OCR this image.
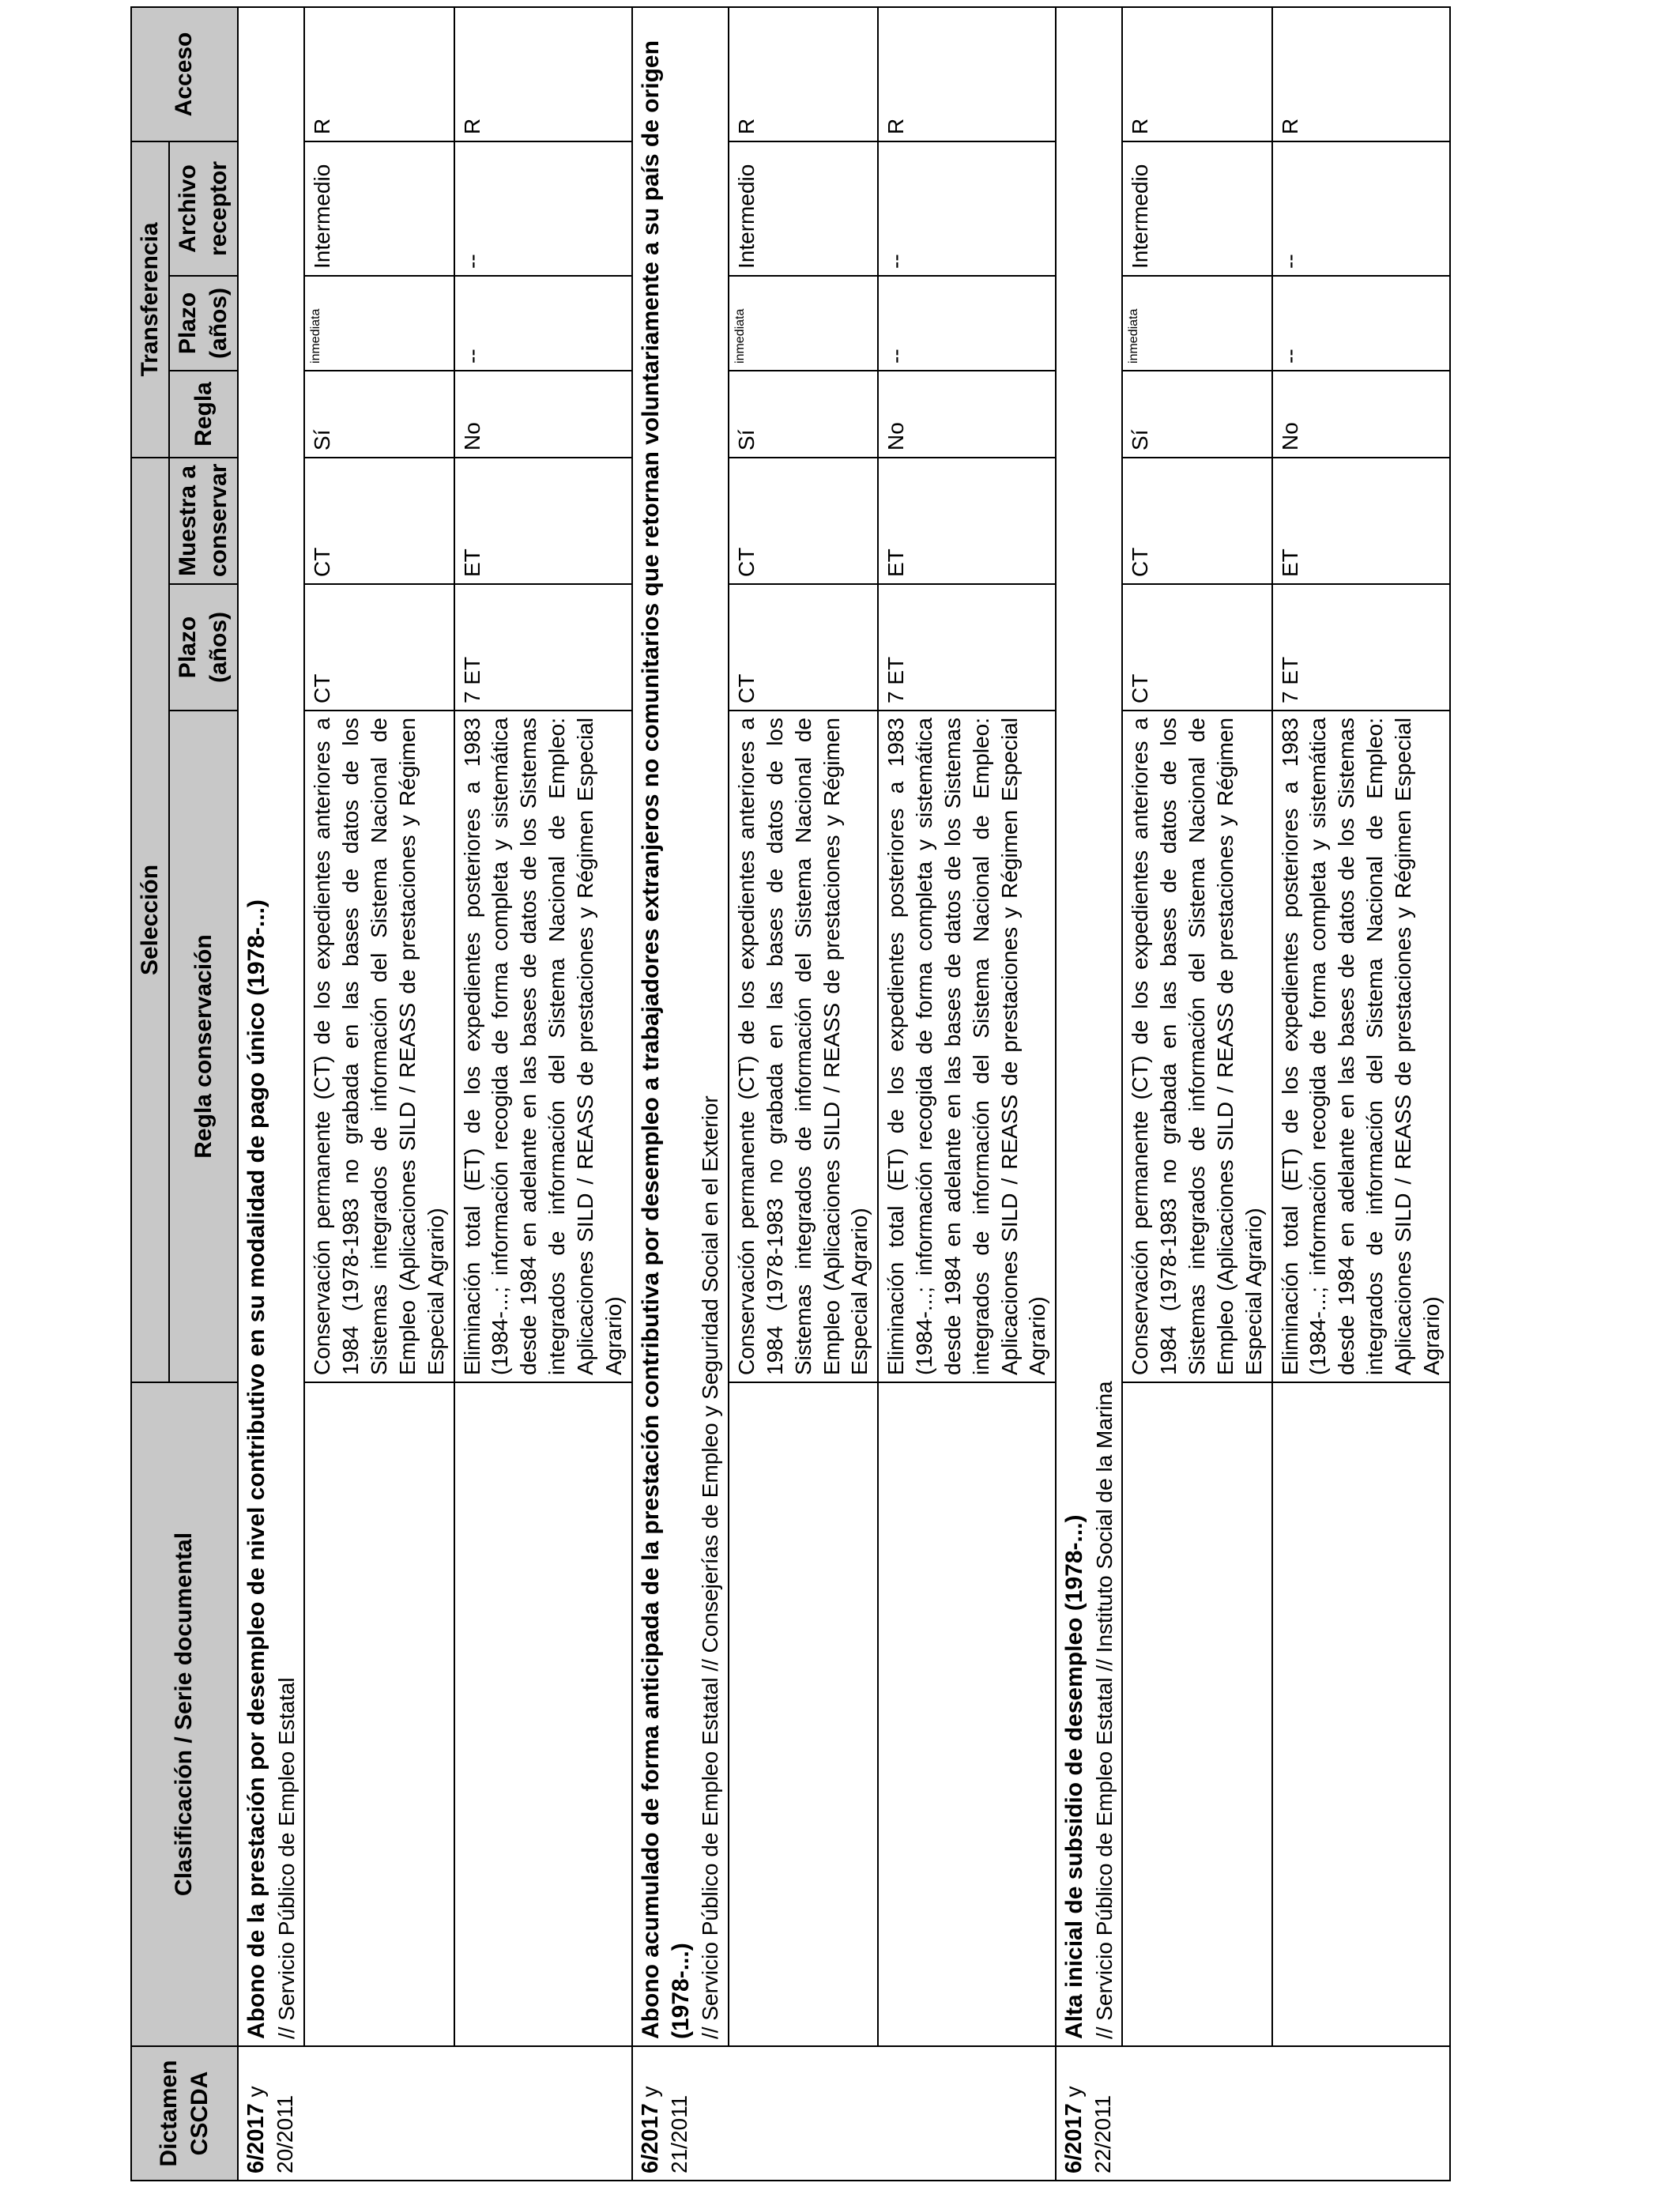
Dictamen CSCDA	Clasificación / Serie documental	Selección			Transferencia			Acceso
		Regla conservación	Plazo (años)	Muestra a conservar	Regla	Plazo (años)	Archivo receptor	
6/2017 y 20/2011	Abono de la prestación por desempleo de nivel contributivo en su modalidad de pago único (1978-...) // Servicio Público de Empleo Estatal							

		Conservación permanente (CT) de los expedientes anteriores a 1984 (1978-1983 no grabada en las bases de datos de los Sistemas integrados de información del Sistema Nacional de Empleo (Aplicaciones SILD / REASS de prestaciones y Régimen Especial Agrario)	CT	CT	Sí	inmediata	Intermedio	R
		Eliminación total (ET) de los expedientes posteriores a 1983 (1984-...; información recogida de forma completa y sistemática desde 1984 en adelante en las bases de datos de los Sistemas integrados de información del Sistema Nacional de Empleo: Aplicaciones SILD / REASS de prestaciones y Régimen Especial Agrario)	7 ET	ET	No	--	--	R
6/2017 y 21/2011	Abono acumulado de forma anticipada de la prestación contributiva por desempleo a trabajadores extranjeros no comunitarios que retornan voluntariamente a su país de origen (1978-...) // Servicio Público de Empleo Estatal // Consejerías de Empleo y Seguridad Social en el Exterior							

		Conservación permanente (CT) de los expedientes anteriores a 1984 (1978-1983 no grabada en las bases de datos de los Sistemas integrados de información del Sistema Nacional de Empleo (Aplicaciones SILD / REASS de prestaciones y Régimen Especial Agrario)	CT	CT	Sí	inmediata	Intermedio	R
		Eliminación total (ET) de los expedientes posteriores a 1983 (1984-...; información recogida de forma completa y sistemática desde 1984 en adelante en las bases de datos de los Sistemas integrados de información del Sistema Nacional de Empleo: Aplicaciones SILD / REASS de prestaciones y Régimen Especial Agrario)	7 ET	ET	No	--	--	R
6/2017 y 22/2011	Alta inicial de subsidio de desempleo (1978-...) // Servicio Público de Empleo Estatal // Instituto Social de la Marina							

		Conservación permanente (CT) de los expedientes anteriores a 1984 (1978-1983 no grabada en las bases de datos de los Sistemas integrados de información del Sistema Nacional de Empleo (Aplicaciones SILD / REASS de prestaciones y Régimen Especial Agrario)	CT	CT	Sí	inmediata	Intermedio	R
		Eliminación total (ET) de los expedientes posteriores a 1983 (1984-...; información recogida de forma completa y sistemática desde 1984 en adelante en las bases de datos de los Sistemas integrados de información del Sistema Nacional de Empleo: Aplicaciones SILD / REASS de prestaciones y Régimen Especial Agrario)	7 ET	ET	No	--	--	R
